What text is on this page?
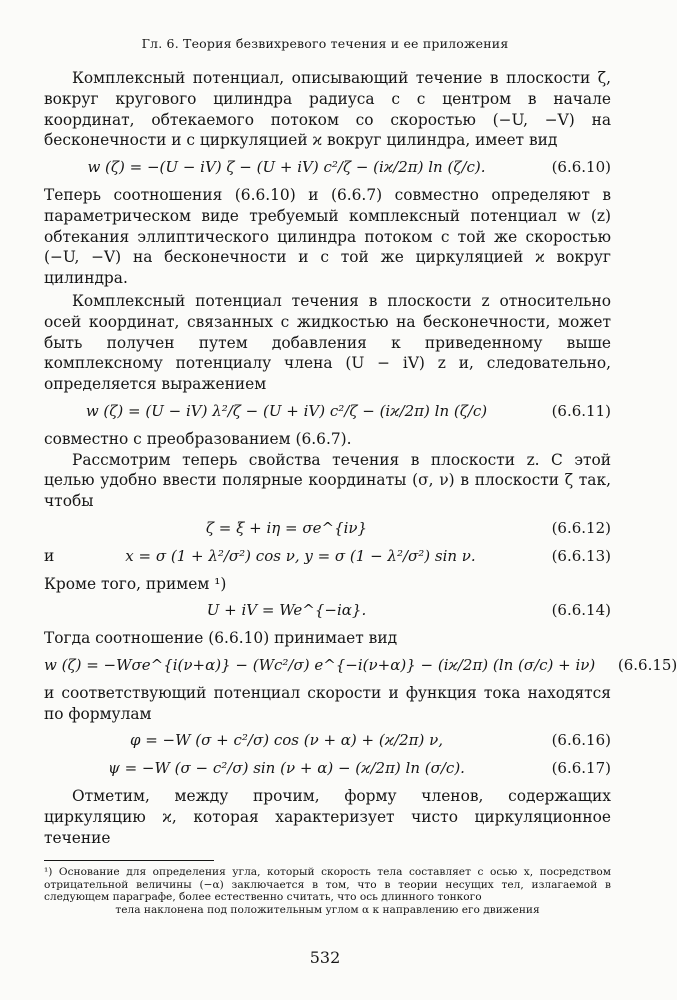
Гл. 6. Теория безвихревого течения и ее приложения
Комплексный потенциал, описывающий течение в плоскости ζ, вокруг кругового цилиндра радиуса c с центром в начале координат, обтекаемого потоком со скоростью (−U, −V) на бесконечности и с циркуляцией ϰ вокруг цилиндра, имеет вид
w (ζ) = −(U − iV) ζ − (U + iV) c²/ζ − (iϰ/2π) ln (ζ/c).	(6.6.10)
Теперь соотношения (6.6.10) и (6.6.7) совместно определяют в параметрическом виде требуемый комплексный потенциал w (z) обтекания эллиптического цилиндра потоком с той же скоростью (−U, −V) на бесконечности и с той же циркуляцией ϰ вокруг цилиндра.
Комплексный потенциал течения в плоскости z относительно осей координат, связанных с жидкостью на бесконечности, может быть получен путем добавления к приведенному выше комплексному потенциалу члена (U − iV) z и, следовательно, определяется выражением
w (ζ) = (U − iV) λ²/ζ − (U + iV) c²/ζ − (iϰ/2π) ln (ζ/c)	(6.6.11)
совместно с преобразованием (6.6.7).
Рассмотрим теперь свойства течения в плоскости z. С этой целью удобно ввести полярные координаты (σ, ν) в плоскости ζ так, чтобы
ζ = ξ + iη = σe^{iν}	(6.6.12)
и	x = σ (1 + λ²/σ²) cos ν, y = σ (1 − λ²/σ²) sin ν.	(6.6.13)
Кроме того, примем ¹)
U + iV = We^{−iα}.	(6.6.14)
Тогда соотношение (6.6.10) принимает вид
w (ζ) = −Wσe^{i(ν+α)} − (Wc²/σ) e^{−i(ν+α)} − (iϰ/2π) (ln (σ/c) + iν)	(6.6.15)
и соответствующий потенциал скорости и функция тока находятся по формулам
φ = −W (σ + c²/σ) cos (ν + α) + (ϰ/2π) ν,	(6.6.16)
ψ = −W (σ − c²/σ) sin (ν + α) − (ϰ/2π) ln (σ/c).	(6.6.17)
Отметим, между прочим, форму членов, содержащих циркуляцию ϰ, которая характеризует чисто циркуляционное течение
¹) Основание для определения угла, который скорость тела составляет с осью x, посредством отрицательной величины (−α) заключается в том, что в теории несущих тел, излагаемой в следующем параграфе, более естественно считать, что ось длинного тонкого
тела наклонена под положительным углом α к направлению его движения
532
